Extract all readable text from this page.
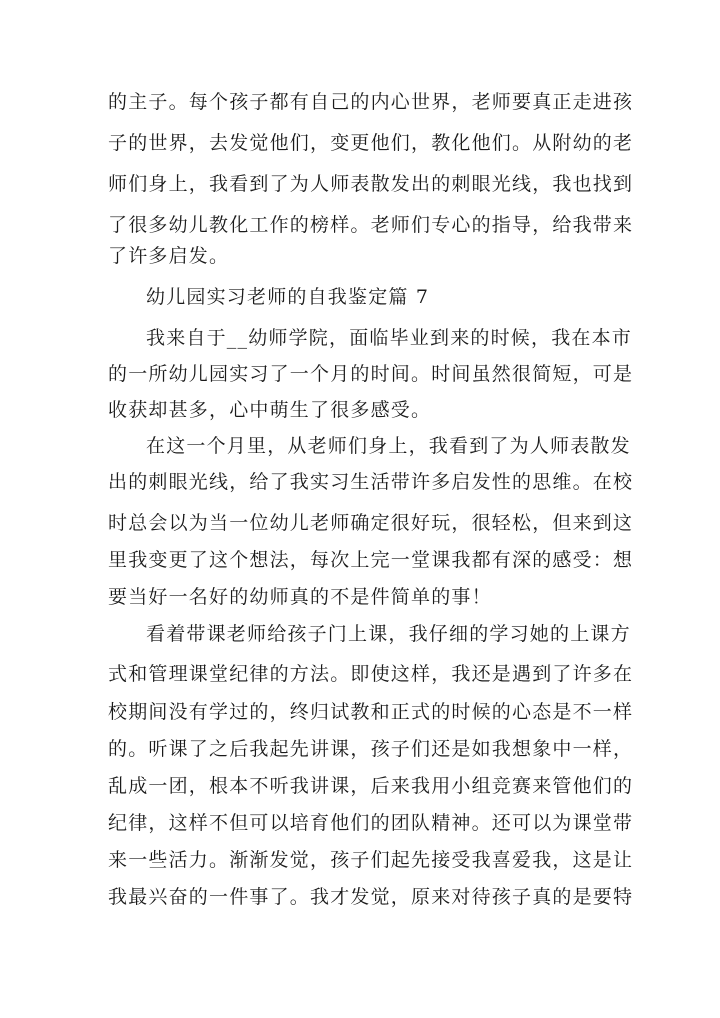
的主子。每个孩子都有自己的内心世界，老师要真正走进孩
子的世界，去发觉他们，变更他们，教化他们。从附幼的老
师们身上，我看到了为人师表散发出的刺眼光线，我也找到
了很多幼儿教化工作的榜样。老师们专心的指导，给我带来
了许多启发。
幼儿园实习老师的自我鉴定篇 7
我来自于__幼师学院，面临毕业到来的时候，我在本市
的一所幼儿园实习了一个月的时间。时间虽然很简短，可是
收获却甚多，心中萌生了很多感受。
在这一个月里，从老师们身上，我看到了为人师表散发
出的刺眼光线，给了我实习生活带许多启发性的思维。在校
时总会以为当一位幼儿老师确定很好玩，很轻松，但来到这
里我变更了这个想法，每次上完一堂课我都有深的感受：想
要当好一名好的幼师真的不是件简单的事！
看着带课老师给孩子门上课，我仔细的学习她的上课方
式和管理课堂纪律的方法。即使这样，我还是遇到了许多在
校期间没有学过的，终归试教和正式的时候的心态是不一样
的。听课了之后我起先讲课，孩子们还是如我想象中一样，
乱成一团，根本不听我讲课，后来我用小组竞赛来管他们的
纪律，这样不但可以培育他们的团队精神。还可以为课堂带
来一些活力。渐渐发觉，孩子们起先接受我喜爱我，这是让
我最兴奋的一件事了。我才发觉，原来对待孩子真的是要特
